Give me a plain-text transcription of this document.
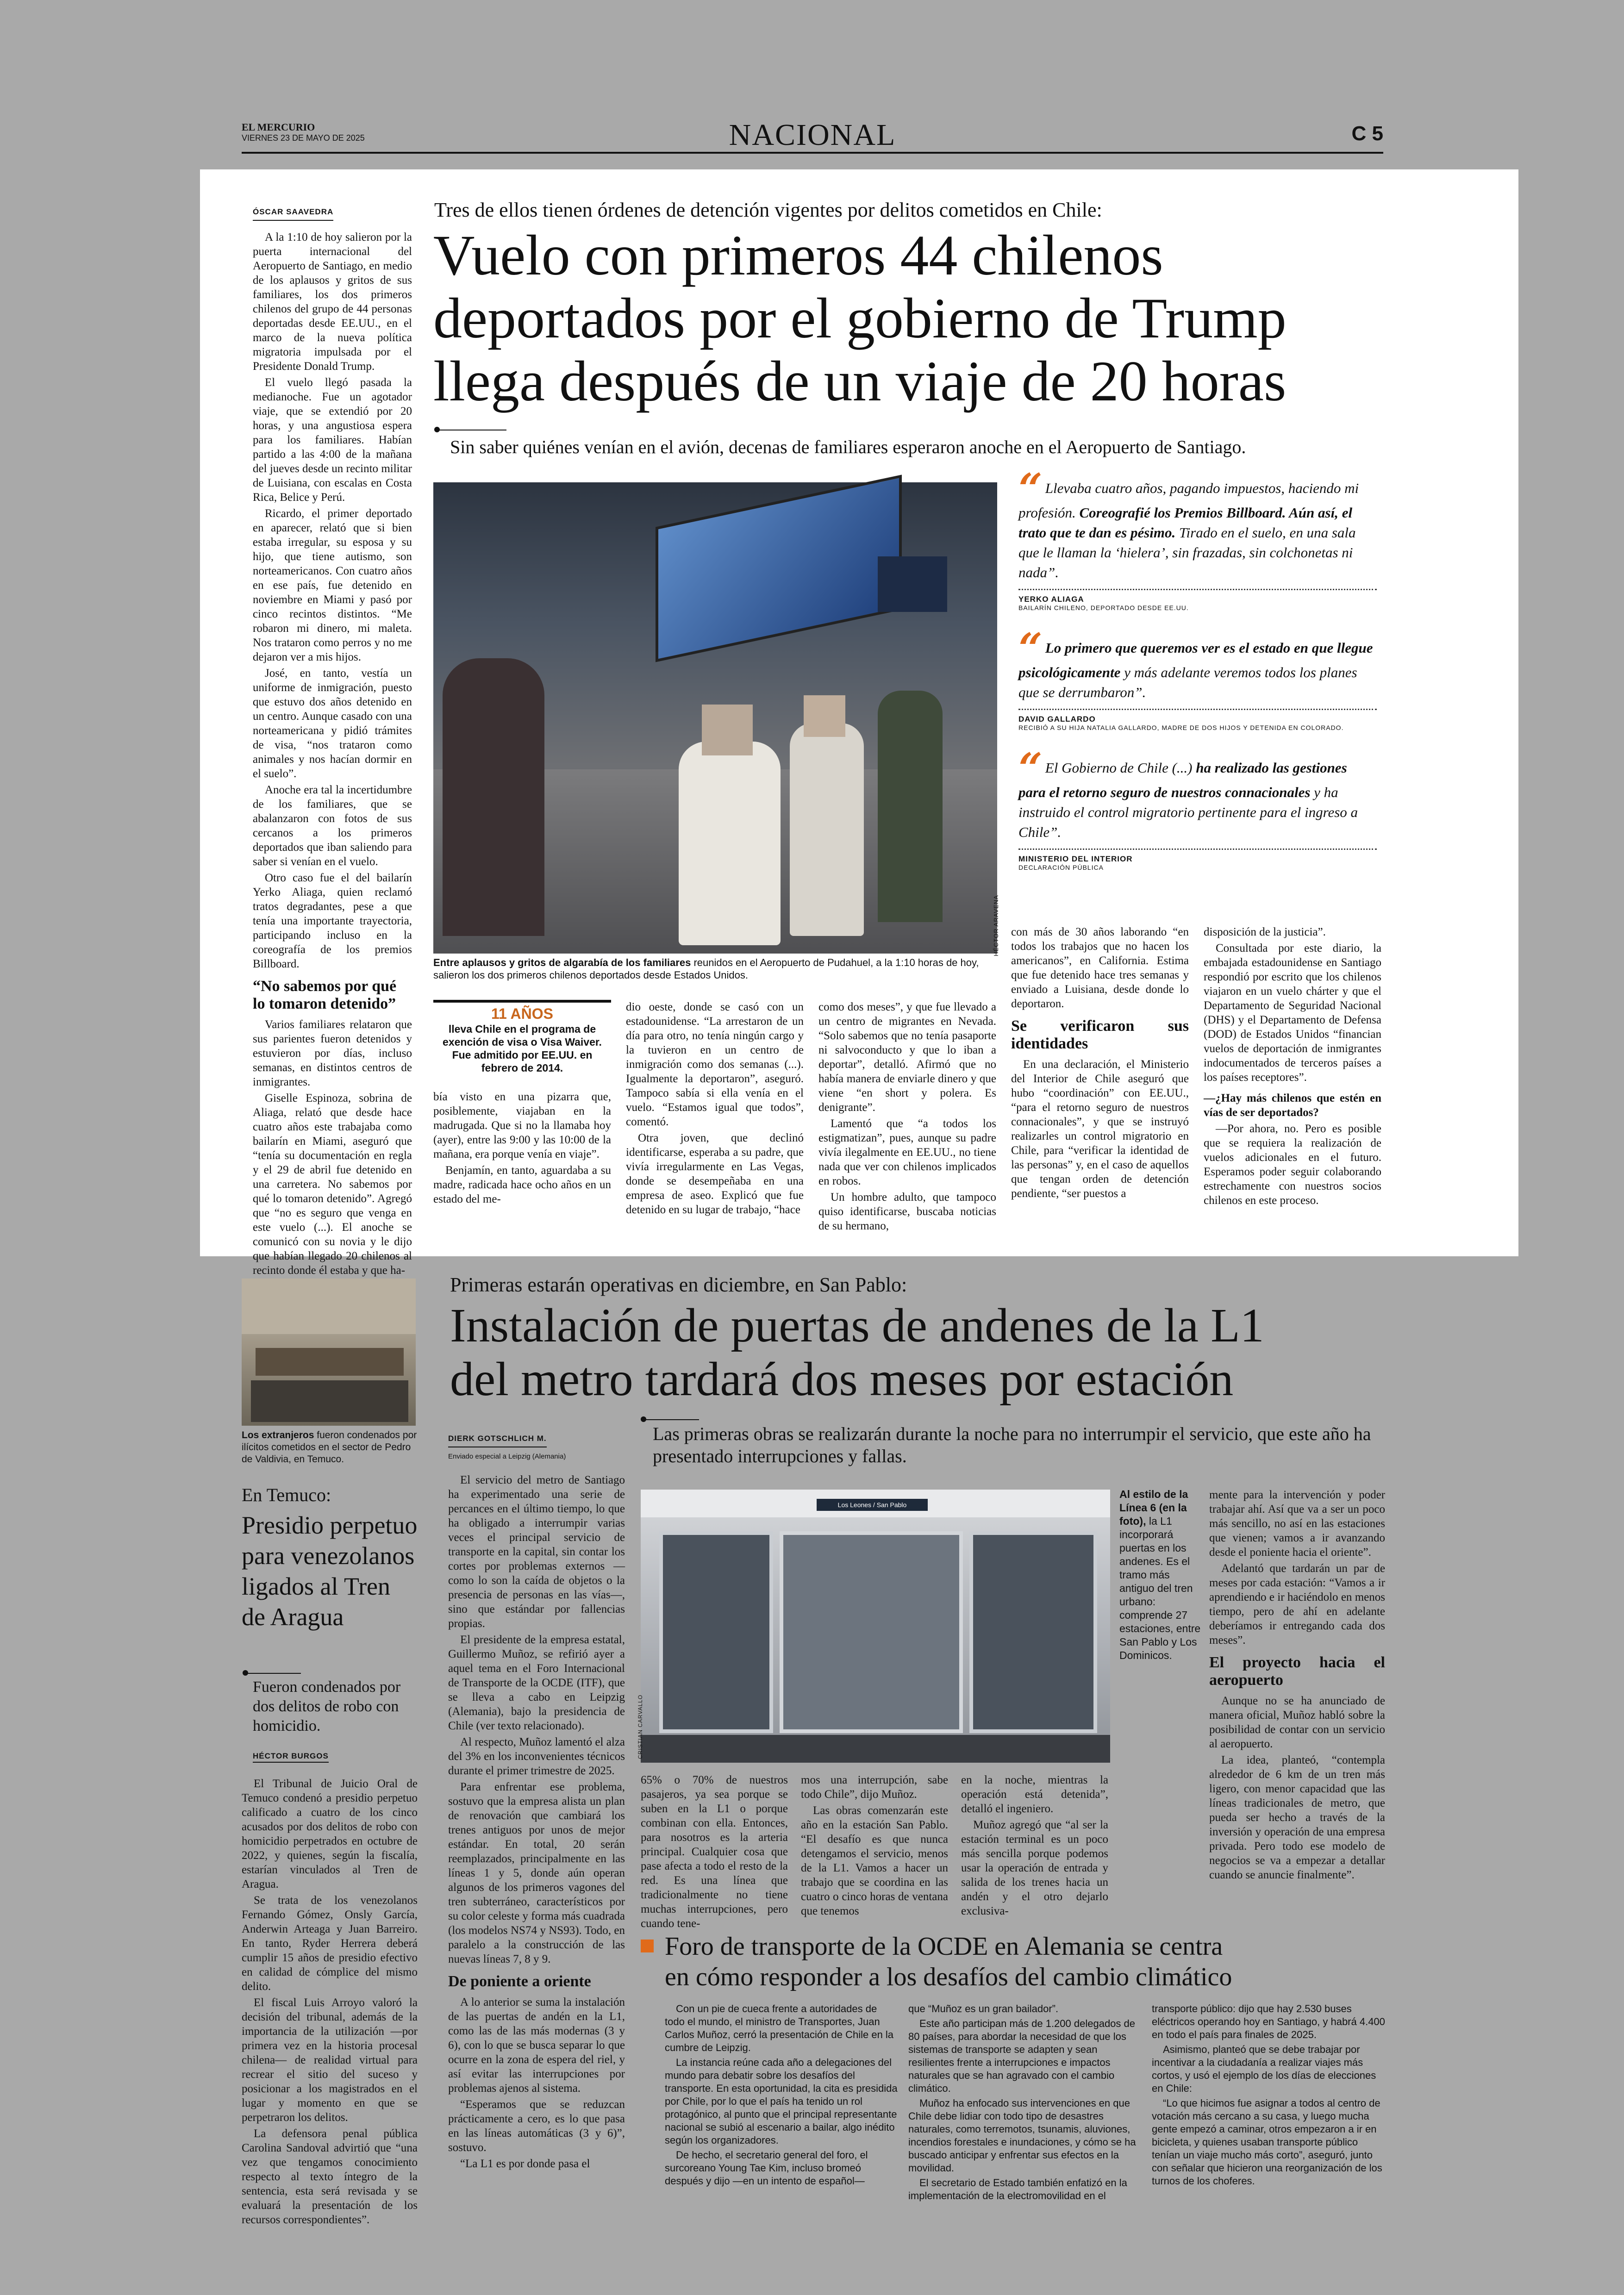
EL MERCURIO
VIERNES 23 DE MAYO DE 2025	NACIONAL	C 5
ÓSCAR SAAVEDRA

A la 1:10 de hoy salieron por la puerta internacional del Aeropuerto de Santiago, en medio de los aplausos y gritos de sus familiares, los dos primeros chilenos del grupo de 44 personas deportadas desde EE.UU., en el marco de la nueva política migratoria impulsada por el Presidente Donald Trump.

El vuelo llegó pasada la medianoche. Fue un agotador viaje, que se extendió por 20 horas, y una angustiosa espera para los familiares. Habían partido a las 4:00 de la mañana del jueves desde un recinto militar de Luisiana, con escalas en Costa Rica, Belice y Perú.

Ricardo, el primer deportado en aparecer, relató que si bien estaba irregular, su esposa y su hijo, que tiene autismo, son norteamericanos. Con cuatro años en ese país, fue detenido en noviembre en Miami y pasó por cinco recintos distintos. “Me robaron mi dinero, mi maleta. Nos trataron como perros y no me dejaron ver a mis hijos.

José, en tanto, vestía un uniforme de inmigración, puesto que estuvo dos años detenido en un centro. Aunque casado con una norteamericana y pidió trámites de visa, “nos trataron como animales y nos hacían dormir en el suelo”.

Anoche era tal la incertidumbre de los familiares, que se abalanzaron con fotos de sus cercanos a los primeros deportados que iban saliendo para saber si venían en el vuelo.

Otro caso fue el del bailarín Yerko Aliaga, quien reclamó tratos degradantes, pese a que tenía una importante trayectoria, participando incluso en la coreografía de los premios Billboard.

“No sabemos por qué lo tomaron detenido”

Varios familiares relataron que sus parientes fueron detenidos y estuvieron por días, incluso semanas, en distintos centros de inmigrantes.

Giselle Espinoza, sobrina de Aliaga, relató que desde hace cuatro años este trabajaba como bailarín en Miami, aseguró que “tenía su documentación en regla y el 29 de abril fue detenido en una carretera. No sabemos por qué lo tomaron detenido”. Agregó que “no es seguro que venga en este vuelo (...). El anoche se comunicó con su novia y le dijo que habían llegado 20 chilenos al recinto donde él estaba y que ha-

Tres de ellos tienen órdenes de detención vigentes por delitos cometidos en Chile:
Vuelo con primeros 44 chilenos
deportados por el gobierno de Trump
llega después de un viaje de 20 horas
Sin saber quiénes venían en el avión, decenas de familiares esperaron anoche en el Aeropuerto de Santiago.
HÉCTOR ARAVENA
Entre aplausos y gritos de algarabía de los familiares reunidos en el Aeropuerto de Pudahuel, a la 1:10 horas de hoy, salieron los dos primeros chilenos deportados desde Estados Unidos.
“ Llevaba cuatro años, pagando impuestos, haciendo mi profesión. Coreografié los Premios Billboard. Aún así, el trato que te dan es pésimo. Tirado en el suelo, en una sala que le llaman la ‘hielera’, sin frazadas, sin colchonetas ni nada”.
YERKO ALIAGA
BAILARÍN CHILENO, DEPORTADO DESDE EE.UU.
“ Lo primero que queremos ver es el estado en que llegue psicológicamente y más adelante veremos todos los planes que se derrumbaron”.
DAVID GALLARDO
RECIBIÓ A SU HIJA NATALIA GALLARDO, MADRE DE DOS HIJOS Y DETENIDA EN COLORADO.
“ El Gobierno de Chile (...) ha realizado las gestiones para el retorno seguro de nuestros connacionales y ha instruido el control migratorio pertinente para el ingreso a Chile”.
MINISTERIO DEL INTERIOR
DECLARACIÓN PÚBLICA
11 AÑOS
lleva Chile en el programa de exención de visa o Visa Waiver. Fue admitido por EE.UU. en febrero de 2014.

bía visto en una pizarra que, posiblemente, viajaban en la madrugada. Que si no la llamaba hoy (ayer), entre las 9:00 y las 10:00 de la mañana, era porque venía en viaje”.

Benjamín, en tanto, aguardaba a su madre, radicada hace ocho años en un estado del me-

dio oeste, donde se casó con un estadounidense. “La arrestaron de un día para otro, no tenía ningún cargo y la tuvieron en un centro de inmigración como dos semanas (...). Igualmente la deportaron”, aseguró. Tampoco sabía si ella venía en el vuelo. “Estamos igual que todos”, comentó.

Otra joven, que declinó identificarse, esperaba a su padre, que vivía irregularmente en Las Vegas, donde se desempeñaba en una empresa de aseo. Explicó que fue detenido en su lugar de trabajo, “hace

como dos meses”, y que fue llevado a un centro de migrantes en Nevada. “Solo sabemos que no tenía pasaporte ni salvoconducto y que lo iban a deportar”, detalló. Afirmó que no había manera de enviarle dinero y que viene “en short y polera. Es denigrante”.

Lamentó que “a todos los estigmatizan”, pues, aunque su padre vivía ilegalmente en EE.UU., no tiene nada que ver con chilenos implicados en robos.

Un hombre adulto, que tampoco quiso identificarse, buscaba noticias de su hermano,

con más de 30 años laborando “en todos los trabajos que no hacen los americanos”, en California. Estima que fue detenido hace tres semanas y enviado a Luisiana, desde donde lo deportaron.

Se verificaron sus identidades

En una declaración, el Ministerio del Interior de Chile aseguró que hubo “coordinación” con EE.UU., “para el retorno seguro de nuestros connacionales”, y que se instruyó realizarles un control migratorio en Chile, para “verificar la identidad de las personas” y, en el caso de aquellos que tengan orden de detención pendiente, “ser puestos a

disposición de la justicia”.

Consultada por este diario, la embajada estadounidense en Santiago respondió por escrito que los chilenos viajaron en un vuelo chárter y que el Departamento de Seguridad Nacional (DHS) y el Departamento de Defensa (DOD) de Estados Unidos “financian vuelos de deportación de inmigrantes indocumentados de terceros países a los países receptores”.

—¿Hay más chilenos que estén en vías de ser deportados?

—Por ahora, no. Pero es posible que se requiera la realización de vuelos adicionales en el futuro. Esperamos poder seguir colaborando estrechamente con nuestros socios chilenos en este proceso.

Los extranjeros fueron condenados por ilícitos cometidos en el sector de Pedro de Valdivia, en Temuco.
En Temuco:
Presidio perpetuo para venezolanos ligados al Tren de Aragua
Fueron condenados por dos delitos de robo con homicidio.
HÉCTOR BURGOS

El Tribunal de Juicio Oral de Temuco condenó a presidio perpetuo calificado a cuatro de los cinco acusados por dos delitos de robo con homicidio perpetrados en octubre de 2022, y quienes, según la fiscalía, estarían vinculados al Tren de Aragua.

Se trata de los venezolanos Fernando Gómez, Onsly García, Anderwin Arteaga y Juan Barreiro. En tanto, Ryder Herrera deberá cumplir 15 años de presidio efectivo en calidad de cómplice del mismo delito.

El fiscal Luis Arroyo valoró la decisión del tribunal, además de la importancia de la utilización —por primera vez en la historia procesal chilena— de realidad virtual para recrear el sitio del suceso y posicionar a los magistrados en el lugar y momento en que se perpetraron los delitos.

La defensora penal pública Carolina Sandoval advirtió que “una vez que tengamos conocimiento respecto al texto íntegro de la sentencia, esta será revisada y se evaluará la presentación de los recursos correspondientes”.

Primeras estarán operativas en diciembre, en San Pablo:
Instalación de puertas de andenes de la L1
del metro tardará dos meses por estación
Las primeras obras se realizarán durante la noche para no interrumpir el servicio, que este año ha presentado interrupciones y fallas.
DIERK GOTSCHLICH M.
Enviado especial a Leipzig (Alemania)

El servicio del metro de Santiago ha experimentado una serie de percances en el último tiempo, lo que ha obligado a interrumpir varias veces el principal servicio de transporte en la capital, sin contar los cortes por problemas externos —como lo son la caída de objetos o la presencia de personas en las vías—, sino que estándar por fallencias propias.

El presidente de la empresa estatal, Guillermo Muñoz, se refirió ayer a aquel tema en el Foro Internacional de Transporte de la OCDE (ITF), que se lleva a cabo en Leipzig (Alemania), bajo la presidencia de Chile (ver texto relacionado).

Al respecto, Muñoz lamentó el alza del 3% en los inconvenientes técnicos durante el primer trimestre de 2025.

Para enfrentar ese problema, sostuvo que la empresa alista un plan de renovación que cambiará los trenes antiguos por unos de mejor estándar. En total, 20 serán reemplazados, principalmente en las líneas 1 y 5, donde aún operan algunos de los primeros vagones del tren subterráneo, característicos por su color celeste y forma más cuadrada (los modelos NS74 y NS93). Todo, en paralelo a la construcción de las nuevas líneas 7, 8 y 9.

De poniente a oriente

A lo anterior se suma la instalación de las puertas de andén en la L1, como las de las más modernas (3 y 6), con lo que se busca separar lo que ocurre en la zona de espera del riel, y así evitar las interrupciones por problemas ajenos al sistema.

“Esperamos que se reduzcan prácticamente a cero, es lo que pasa en las líneas automáticas (3 y 6)”, sostuvo.

“La L1 es por donde pasa el

Los Leones / San Pablo
CRISTIAN CARVALLO
Al estilo de la Línea 6 (en la foto), la L1 incorporará puertas en los andenes. Es el tramo más antiguo del tren urbano: comprende 27 estaciones, entre San Pablo y Los Dominicos.

65% o 70% de nuestros pasajeros, ya sea porque se suben en la L1 o porque combinan con ella. Entonces, para nosotros es la arteria principal. Cualquier cosa que pase afecta a todo el resto de la red. Es una línea que tradicionalmente no tiene muchas interrupciones, pero cuando tene-

mos una interrupción, sabe todo Chile”, dijo Muñoz.

Las obras comenzarán este año en la estación San Pablo. “El desafío es que nunca detengamos el servicio, menos de la L1. Vamos a hacer un trabajo que se coordina en las cuatro o cinco horas de ventana que tenemos

en la noche, mientras la operación está detenida”, detalló el ingeniero.

Muñoz agregó que “al ser la estación terminal es un poco más sencilla porque podemos usar la operación de entrada y salida de los trenes hacia un andén y el otro dejarlo exclusiva-

mente para la intervención y poder trabajar ahí. Así que va a ser un poco más sencillo, no así en las estaciones que vienen; vamos a ir avanzando desde el poniente hacia el oriente”.

Adelantó que tardarán un par de meses por cada estación: “Vamos a ir aprendiendo e ir haciéndolo en menos tiempo, pero de ahí en adelante deberíamos ir entregando cada dos meses”.

El proyecto hacia el aeropuerto

Aunque no se ha anunciado de manera oficial, Muñoz habló sobre la posibilidad de contar con un servicio al aeropuerto.

La idea, planteó, “contempla alrededor de 6 km de un tren más ligero, con menor capacidad que las líneas tradicionales de metro, que pueda ser hecho a través de la inversión y operación de una empresa privada. Pero todo ese modelo de negocios se va a empezar a detallar cuando se anuncie finalmente”.

Foro de transporte de la OCDE en Alemania se centra
en cómo responder a los desafíos del cambio climático

Con un pie de cueca frente a autoridades de todo el mundo, el ministro de Transportes, Juan Carlos Muñoz, cerró la presentación de Chile en la cumbre de Leipzig.

La instancia reúne cada año a delegaciones del mundo para debatir sobre los desafíos del transporte. En esta oportunidad, la cita es presidida por Chile, por lo que el país ha tenido un rol protagónico, al punto que el principal representante nacional se subió al escenario a bailar, algo inédito según los organizadores.

De hecho, el secretario general del foro, el surcoreano Young Tae Kim, incluso bromeó después y dijo —en un intento de español—

que “Muñoz es un gran bailador”.

Este año participan más de 1.200 delegados de 80 países, para abordar la necesidad de que los sistemas de transporte se adapten y sean resilientes frente a interrupciones e impactos naturales que se han agravado con el cambio climático.

Muñoz ha enfocado sus intervenciones en que Chile debe lidiar con todo tipo de desastres naturales, como terremotos, tsunamis, aluviones, incendios forestales e inundaciones, y cómo se ha buscado anticipar y enfrentar sus efectos en la movilidad.

El secretario de Estado también enfatizó en la implementación de la electromovilidad en el

transporte público: dijo que hay 2.530 buses eléctricos operando hoy en Santiago, y habrá 4.400 en todo el país para finales de 2025.

Asimismo, planteó que se debe trabajar por incentivar a la ciudadanía a realizar viajes más cortos, y usó el ejemplo de los días de elecciones en Chile:

“Lo que hicimos fue asignar a todos al centro de votación más cercano a su casa, y luego mucha gente empezó a caminar, otros empezaron a ir en bicicleta, y quienes usaban transporte público tenían un viaje mucho más corto”, aseguró, junto con señalar que hicieron una reorganización de los turnos de los choferes.
